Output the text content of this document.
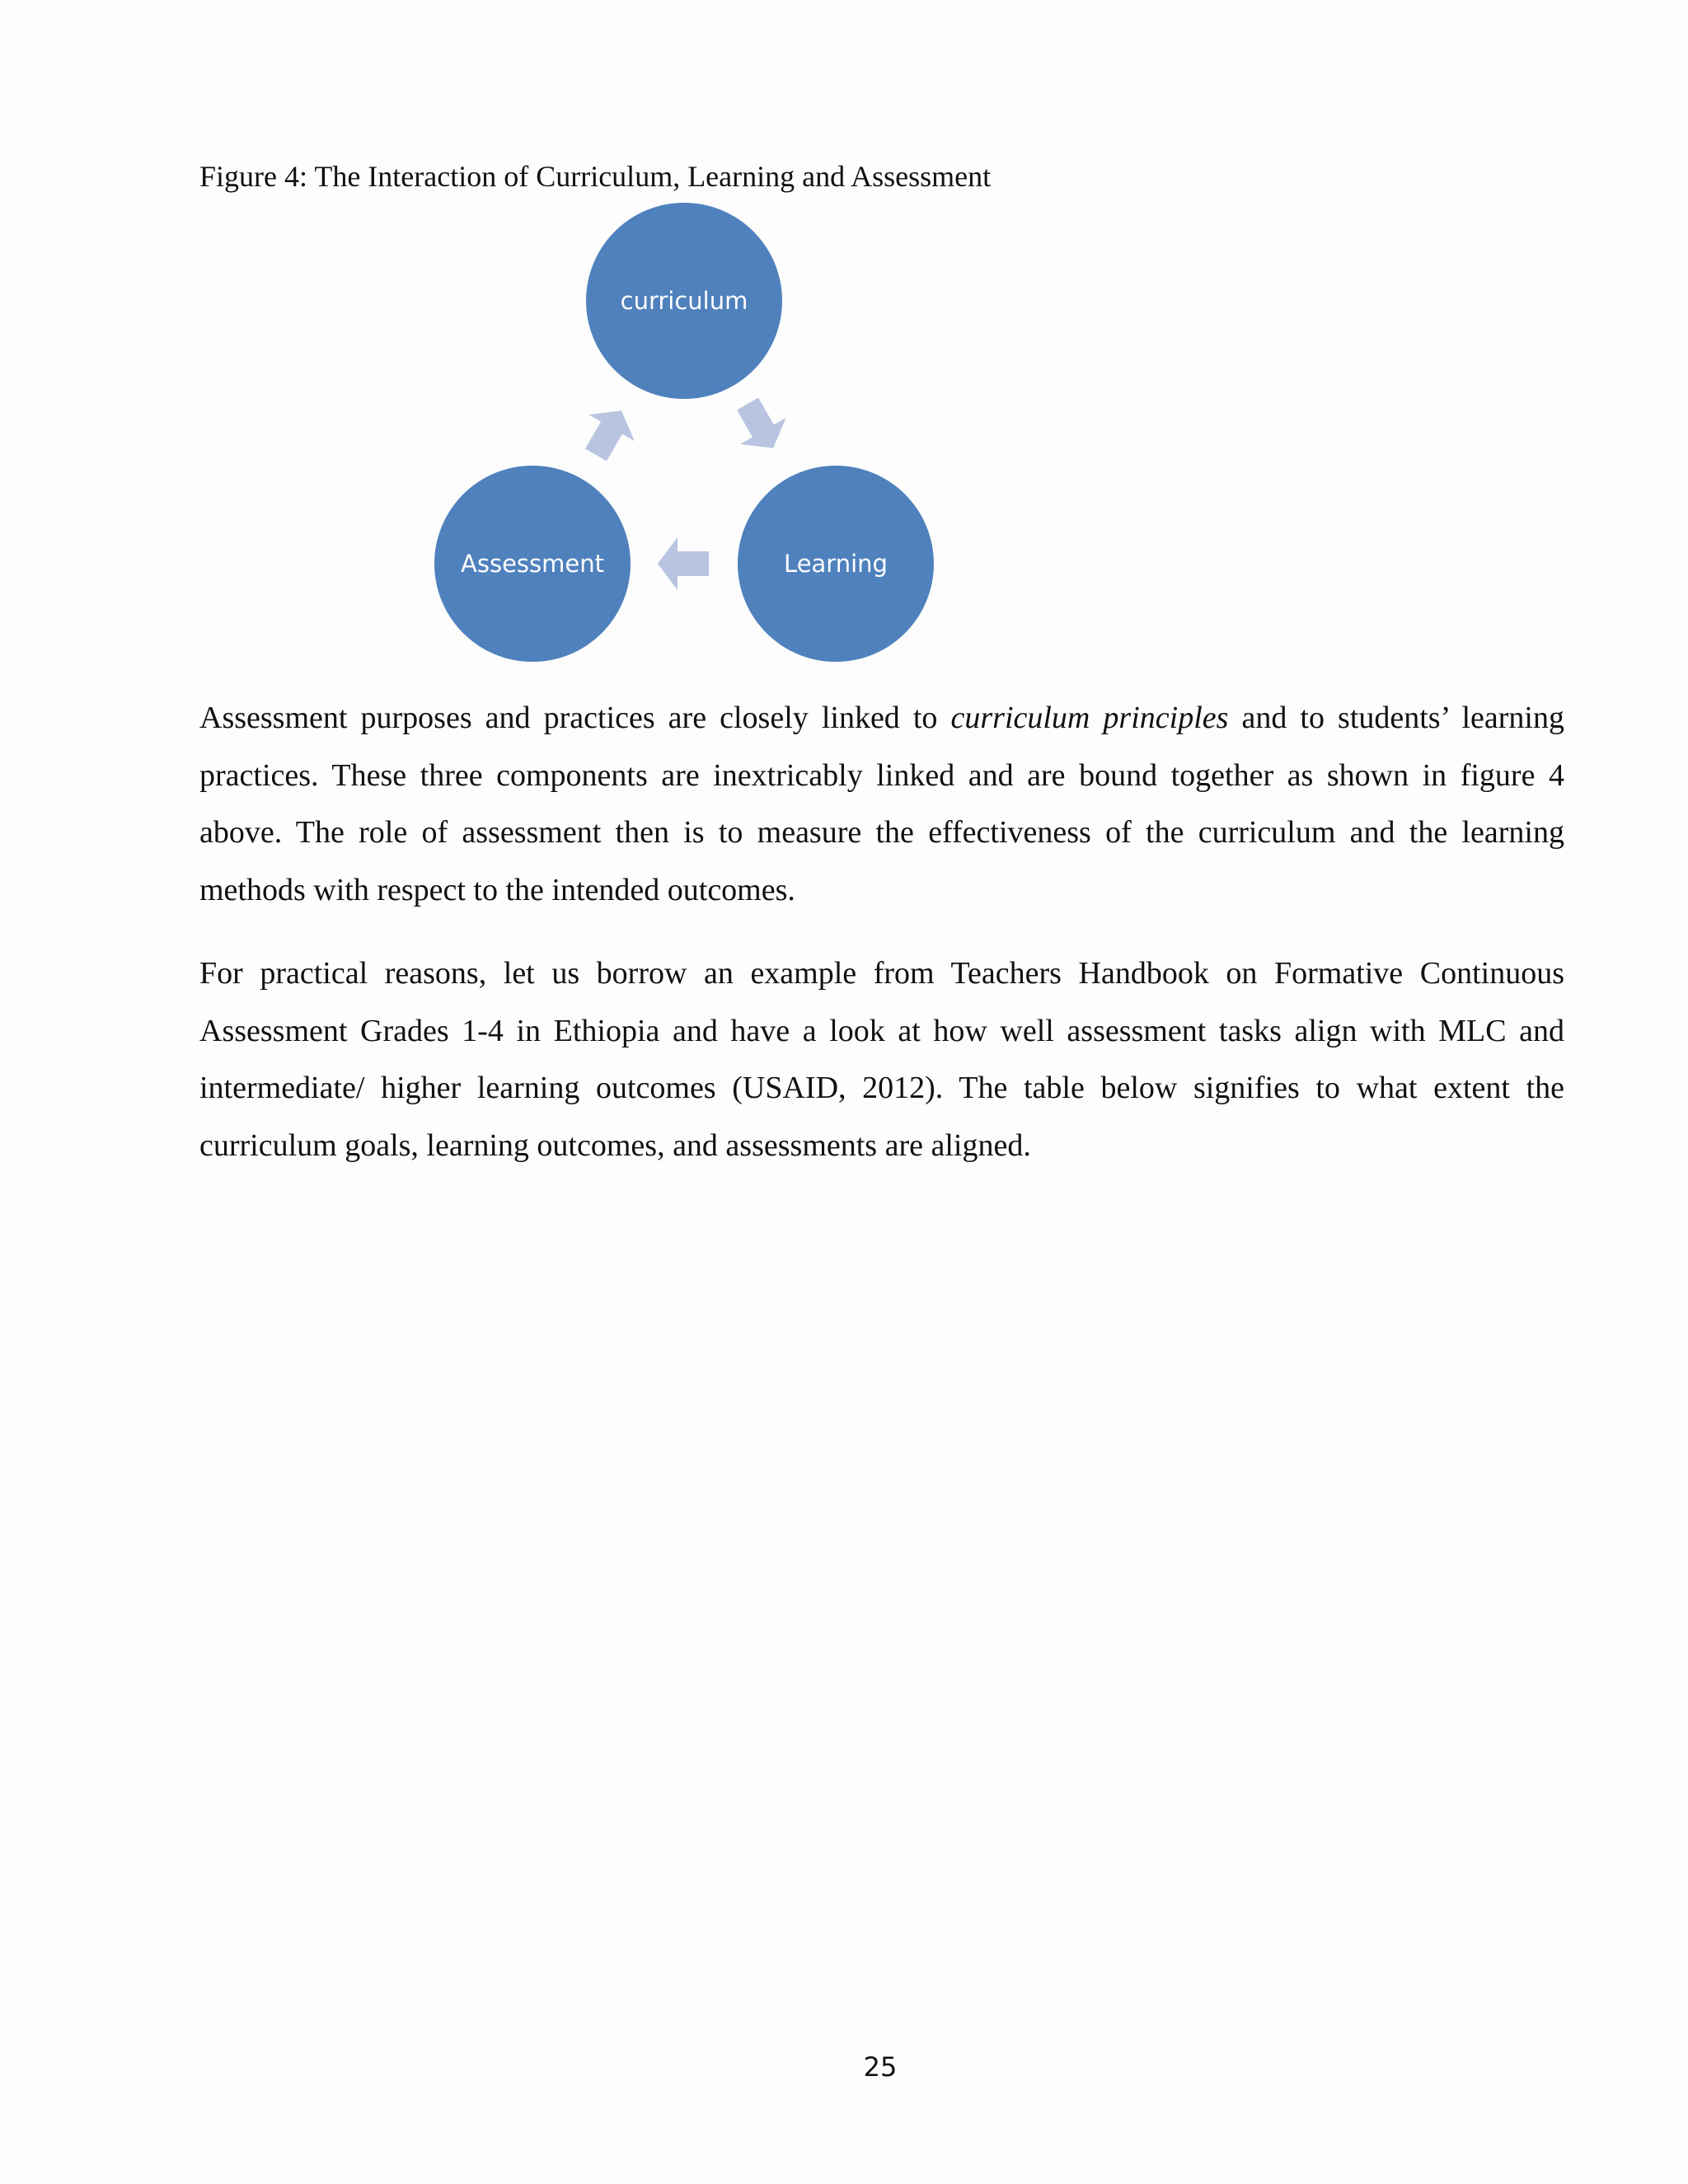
Figure 4: The Interaction of Curriculum, Learning and Assessment
curriculum
Learning
Assessment

Assessment purposes and practices are closely linked to curriculum principles and to students’ learning practices. These three components are inextricably linked and are bound together as shown in figure 4 above. The role of assessment then is to measure the effectiveness of the curriculum and the learning methods with respect to the intended outcomes.

For practical reasons, let us borrow an example from Teachers Handbook on Formative Continuous Assessment Grades 1-4 in Ethiopia and have a look at how well assessment tasks align with MLC and intermediate/ higher learning outcomes (USAID, 2012). The table below signifies to what extent the curriculum goals, learning outcomes, and assessments are aligned.

25
